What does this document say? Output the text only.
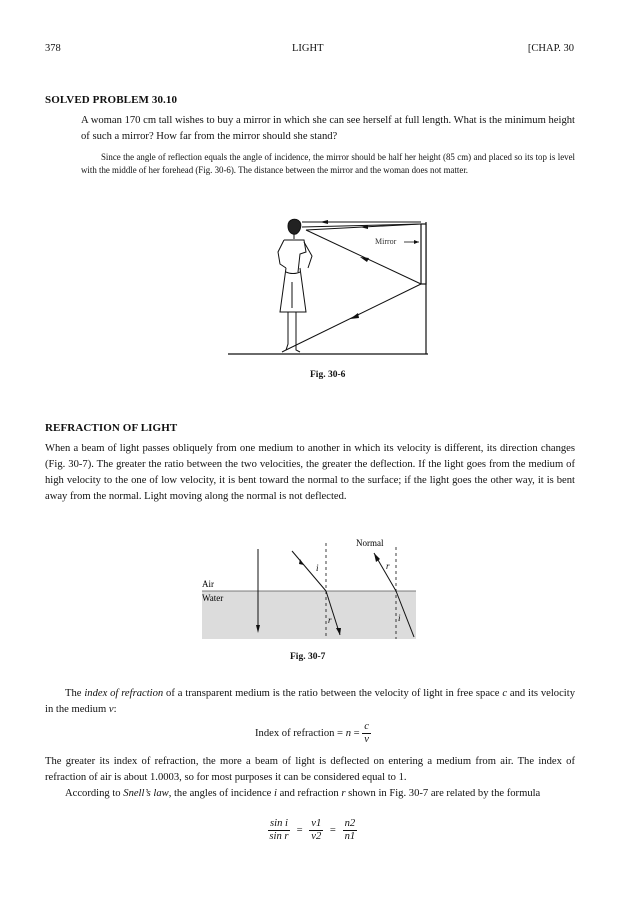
378	LIGHT	[CHAP. 30
SOLVED PROBLEM 30.10
A woman 170 cm tall wishes to buy a mirror in which she can see herself at full length. What is the minimum height of such a mirror? How far from the mirror should she stand?
Since the angle of reflection equals the angle of incidence, the mirror should be half her height (85 cm) and placed so its top is level with the middle of her forehead (Fig. 30-6). The distance between the mirror and the woman does not matter.
Mirror
Fig. 30-6
REFRACTION OF LIGHT
When a beam of light passes obliquely from one medium to another in which its velocity is different, its direction changes (Fig. 30-7). The greater the ratio between the two velocities, the greater the deflection. If the light goes from the medium of high velocity to the one of low velocity, it is bent toward the normal to the surface; if the light goes the other way, it is bent away from the normal. Light moving along the normal is not deflected.
Air
Water
Normal
i
r
r
i
Fig. 30-7
The index of refraction of a transparent medium is the ratio between the velocity of light in free space c and its velocity in the medium v:
Index of refraction = $n = \frac{c}{v}$
The greater its index of refraction, the more a beam of light is deflected on entering a medium from air. The index of refraction of air is about 1.0003, so for most purposes it can be considered equal to 1.
According to Snell’s law, the angles of incidence i and refraction r shown in Fig. 30-7 are related by the formula
$\frac{\text{sin i}}{\text{sin r}} = \frac{v1}{v2} = \frac{n2}{n1}$
